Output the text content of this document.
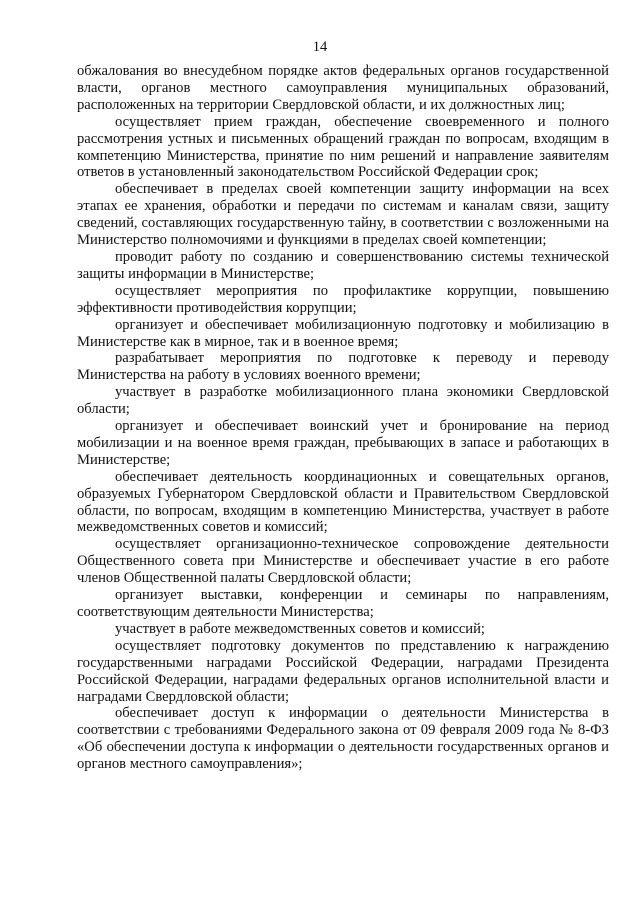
14

обжалования во внесудебном порядке актов федеральных органов государственной власти, органов местного самоуправления муниципальных образований, расположенных на территории Свердловской области, и их должностных лиц;

осуществляет прием граждан, обеспечение своевременного и полного рассмотрения устных и письменных обращений граждан по вопросам, входящим в компетенцию Министерства, принятие по ним решений и направление заявителям ответов в установленный законодательством Российской Федерации срок;

обеспечивает в пределах своей компетенции защиту информации на всех этапах ее хранения, обработки и передачи по системам и каналам связи, защиту сведений, составляющих государственную тайну, в соответствии с возложенными на Министерство полномочиями и функциями в пределах своей компетенции;

проводит работу по созданию и совершенствованию системы технической защиты информации в Министерстве;

осуществляет мероприятия по профилактике коррупции, повышению эффективности противодействия коррупции;

организует и обеспечивает мобилизационную подготовку и мобилизацию в Министерстве как в мирное, так и в военное время;

разрабатывает мероприятия по подготовке к переводу и переводу Министерства на работу в условиях военного времени;

участвует в разработке мобилизационного плана экономики Свердловской области;

организует и обеспечивает воинский учет и бронирование на период мобилизации и на военное время граждан, пребывающих в запасе и работающих в Министерстве;

обеспечивает деятельность координационных и совещательных органов, образуемых Губернатором Свердловской области и Правительством Свердловской области, по вопросам, входящим в компетенцию Министерства, участвует в работе межведомственных советов и комиссий;

осуществляет организационно-техническое сопровождение деятельности Общественного совета при Министерстве и обеспечивает участие в его работе членов Общественной палаты Свердловской области;

организует выставки, конференции и семинары по направлениям, соответствующим деятельности Министерства;

участвует в работе межведомственных советов и комиссий;

осуществляет подготовку документов по представлению к награждению государственными наградами Российской Федерации, наградами Президента Российской Федерации, наградами федеральных органов исполнительной власти и наградами Свердловской области;

обеспечивает доступ к информации о деятельности Министерства в соответствии с требованиями Федерального закона от 09 февраля 2009 года № 8-ФЗ «Об обеспечении доступа к информации о деятельности государственных органов и органов местного самоуправления»;
